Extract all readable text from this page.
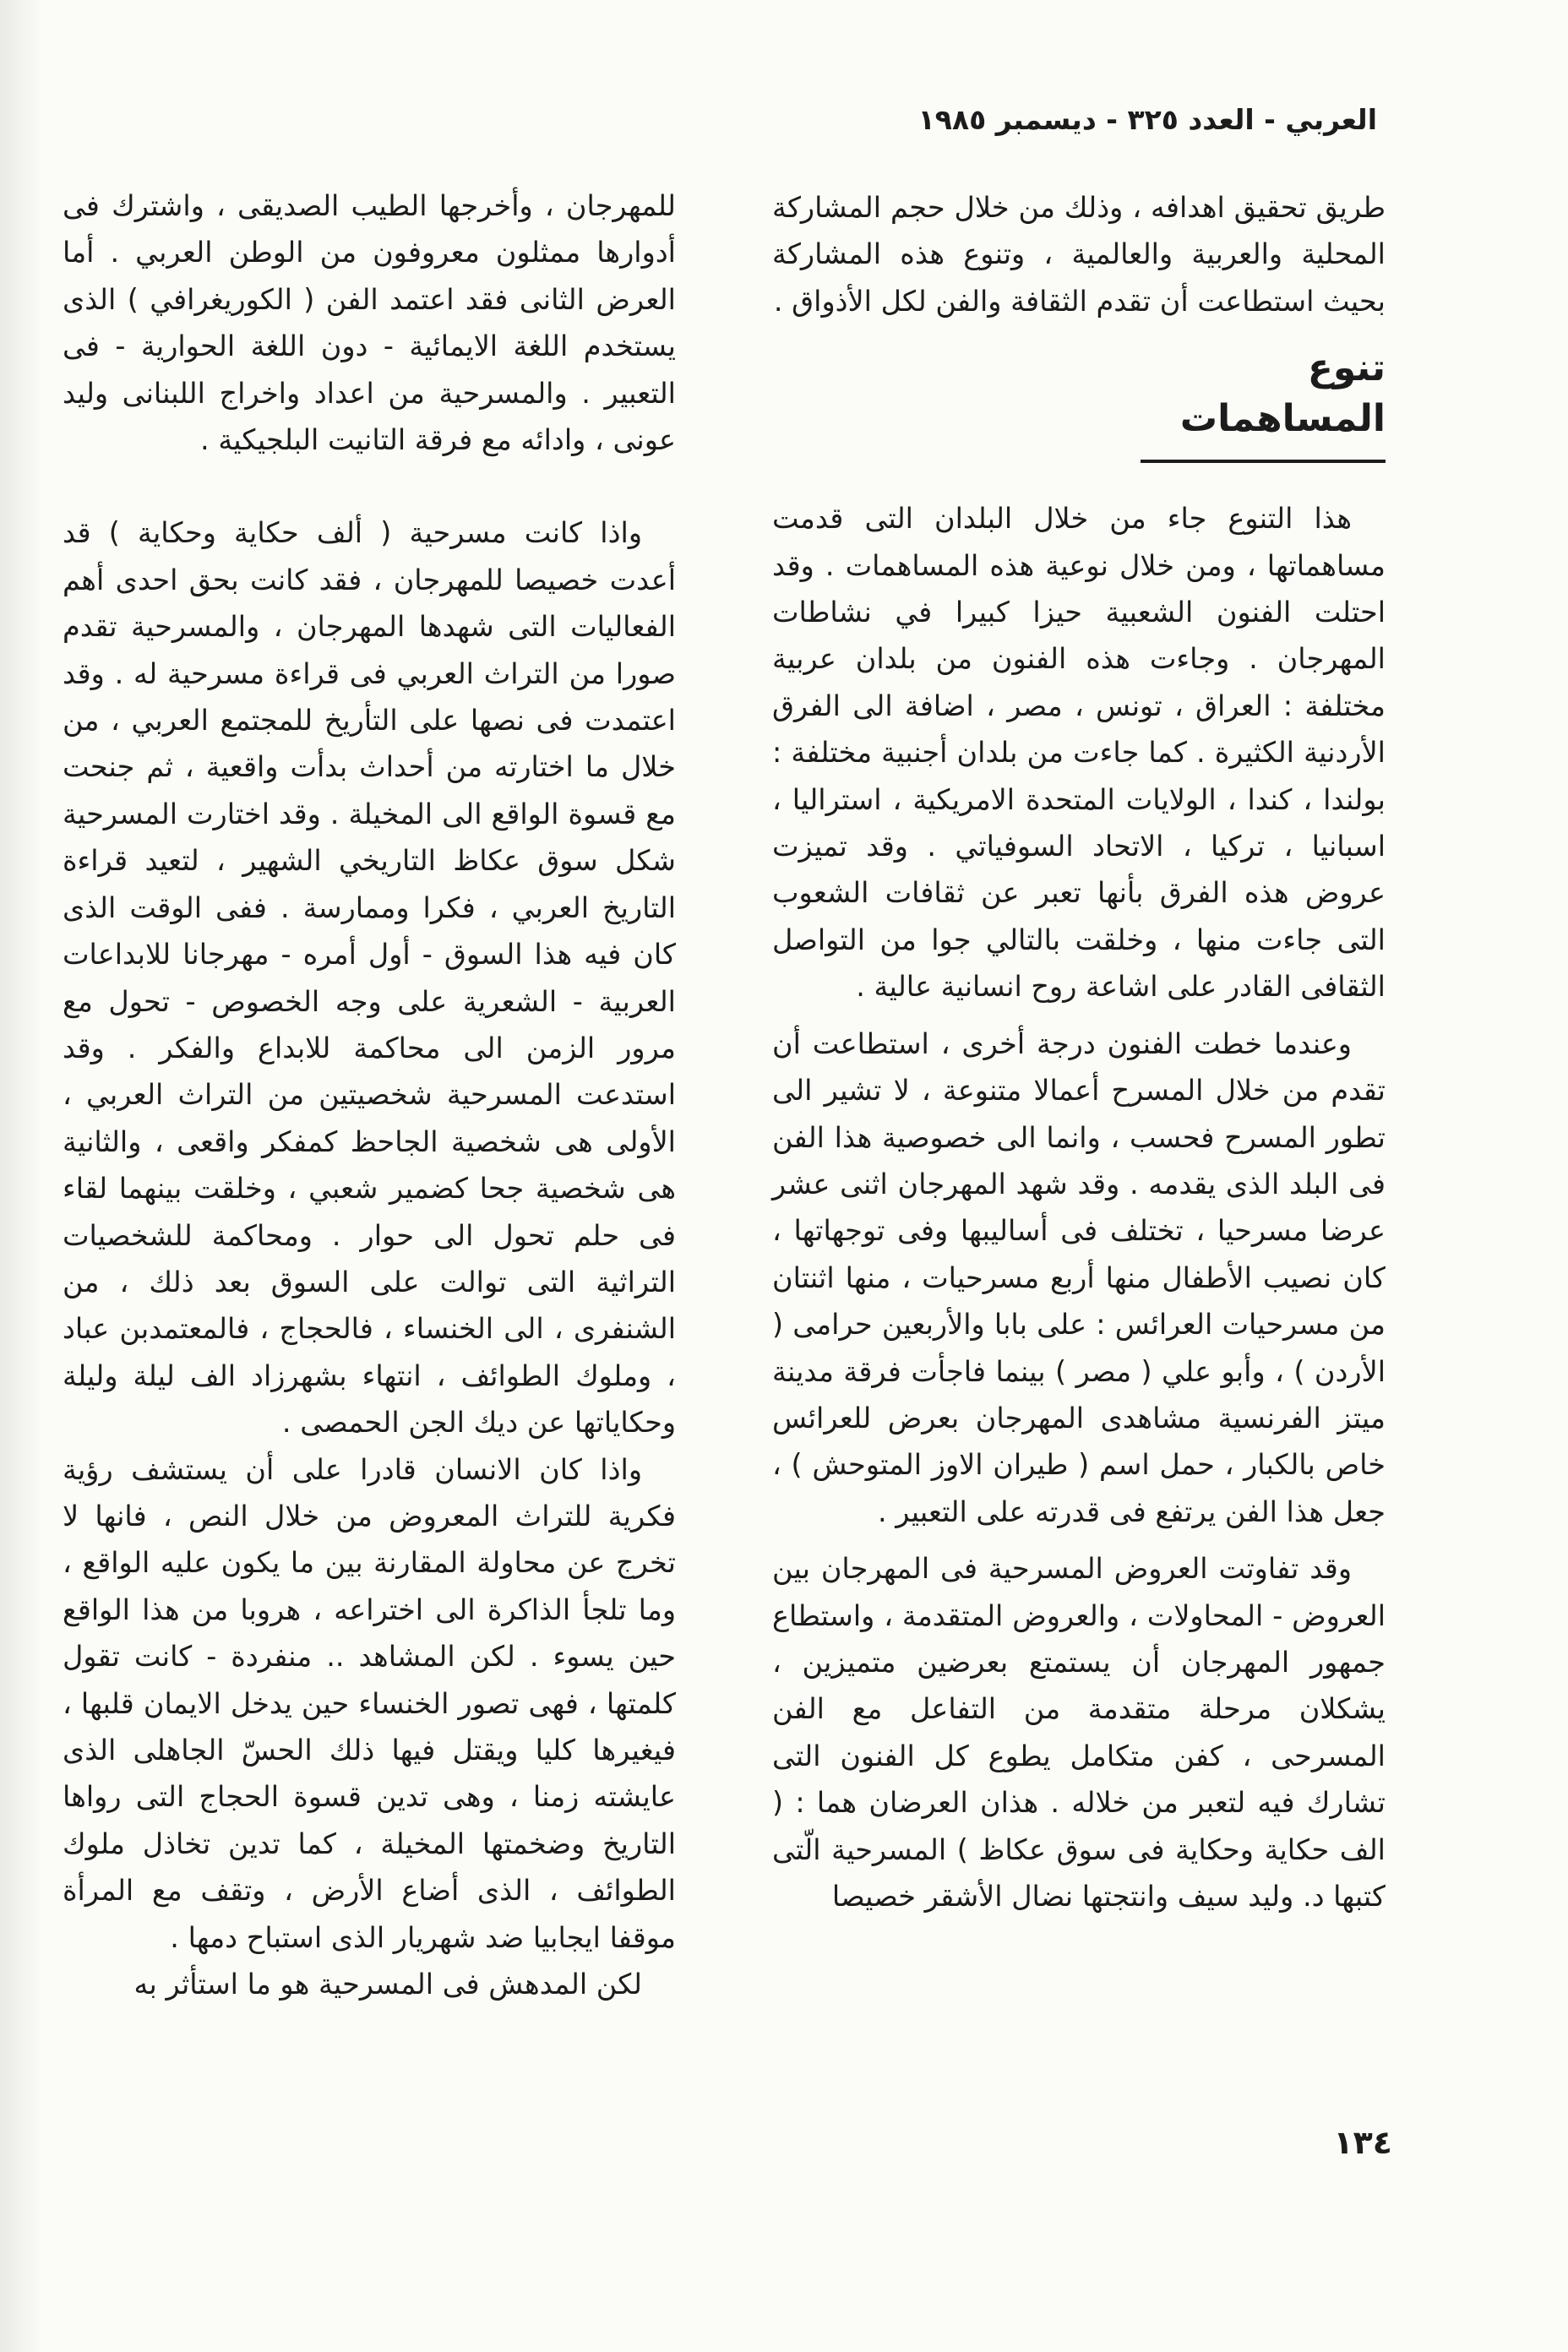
العربي - العدد ٣٢٥ - ديسمبر ١٩٨٥

طريق تحقيق اهدافه ، وذلك من خلال حجم المشاركة المحلية والعربية والعالمية ، وتنوع هذه المشاركة بحيث استطاعت أن تقدم الثقافة والفن لكل الأذواق .

تنوع المساهمات

هذا التنوع جاء من خلال البلدان التى قدمت مساهماتها ، ومن خلال نوعية هذه المساهمات . وقد احتلت الفنون الشعبية حيزا كبيرا في نشاطات المهرجان . وجاءت هذه الفنون من بلدان عربية مختلفة : العراق ، تونس ، مصر ، اضافة الى الفرق الأردنية الكثيرة . كما جاءت من بلدان أجنبية مختلفة : بولندا ، كندا ، الولايات المتحدة الامريكية ، استراليا ، اسبانيا ، تركيا ، الاتحاد السوفياتي . وقد تميزت عروض هذه الفرق بأنها تعبر عن ثقافات الشعوب التى جاءت منها ، وخلقت بالتالي جوا من التواصل الثقافى القادر على اشاعة روح انسانية عالية .

وعندما خطت الفنون درجة أخرى ، استطاعت أن تقدم من خلال المسرح أعمالا متنوعة ، لا تشير الى تطور المسرح فحسب ، وانما الى خصوصية هذا الفن فى البلد الذى يقدمه . وقد شهد المهرجان اثنى عشر عرضا مسرحيا ، تختلف فى أساليبها وفى توجهاتها ، كان نصيب الأطفال منها أربع مسرحيات ، منها اثنتان من مسرحيات العرائس : على بابا والأربعين حرامى ( الأردن ) ، وأبو علي ( مصر ) بينما فاجأت فرقة مدينة ميتز الفرنسية مشاهدى المهرجان بعرض للعرائس خاص بالكبار ، حمل اسم ( طيران الاوز المتوحش ) ، جعل هذا الفن يرتفع فى قدرته على التعبير .

وقد تفاوتت العروض المسرحية فى المهرجان بين العروض - المحاولات ، والعروض المتقدمة ، واستطاع جمهور المهرجان أن يستمتع بعرضين متميزين ، يشكلان مرحلة متقدمة من التفاعل مع الفن المسرحى ، كفن متكامل يطوع كل الفنون التى تشارك فيه لتعبر من خلاله . هذان العرضان هما : ( الف حكاية وحكاية فى سوق عكاظ ) المسرحية الّتى كتبها د. وليد سيف وانتجتها نضال الأشقر خصيصا

للمهرجان ، وأخرجها الطيب الصديقى ، واشترك فى أدوارها ممثلون معروفون من الوطن العربي . أما العرض الثانى فقد اعتمد الفن ( الكوريغرافي ) الذى يستخدم اللغة الايمائية - دون اللغة الحوارية - فى التعبير . والمسرحية من اعداد واخراج اللبنانى وليد عونى ، وادائه مع فرقة التانيت البلجيكية .

واذا كانت مسرحية ( ألف حكاية وحكاية ) قد أعدت خصيصا للمهرجان ، فقد كانت بحق احدى أهم الفعاليات التى شهدها المهرجان ، والمسرحية تقدم صورا من التراث العربي فى قراءة مسرحية له . وقد اعتمدت فى نصها على التأريخ للمجتمع العربي ، من خلال ما اختارته من أحداث بدأت واقعية ، ثم جنحت مع قسوة الواقع الى المخيلة . وقد اختارت المسرحية شكل سوق عكاظ التاريخي الشهير ، لتعيد قراءة التاريخ العربي ، فكرا وممارسة . ففى الوقت الذى كان فيه هذا السوق - أول أمره - مهرجانا للابداعات العربية - الشعرية على وجه الخصوص - تحول مع مرور الزمن الى محاكمة للابداع والفكر . وقد استدعت المسرحية شخصيتين من التراث العربي ، الأولى هى شخصية الجاحظ كمفكر واقعى ، والثانية هى شخصية جحا كضمير شعبي ، وخلقت بينهما لقاء فى حلم تحول الى حوار . ومحاكمة للشخصيات التراثية التى توالت على السوق بعد ذلك ، من الشنفرى ، الى الخنساء ، فالحجاج ، فالمعتمدبن عباد ، وملوك الطوائف ، انتهاء بشهرزاد الف ليلة وليلة وحكاياتها عن ديك الجن الحمصى .

واذا كان الانسان قادرا على أن يستشف رؤية فكرية للتراث المعروض من خلال النص ، فانها لا تخرج عن محاولة المقارنة بين ما يكون عليه الواقع ، وما تلجأ الذاكرة الى اختراعه ، هروبا من هذا الواقع حين يسوء . لكن المشاهد .. منفردة - كانت تقول كلمتها ، فهى تصور الخنساء حين يدخل الايمان قلبها ، فيغيرها كليا ويقتل فيها ذلك الحسّ الجاهلى الذى عايشته زمنا ، وهى تدين قسوة الحجاج التى رواها التاريخ وضخمتها المخيلة ، كما تدين تخاذل ملوك الطوائف ، الذى أضاع الأرض ، وتقف مع المرأة موقفا ايجابيا ضد شهريار الذى استباح دمها .

لكن المدهش فى المسرحية هو ما استأثر به

١٣٤
